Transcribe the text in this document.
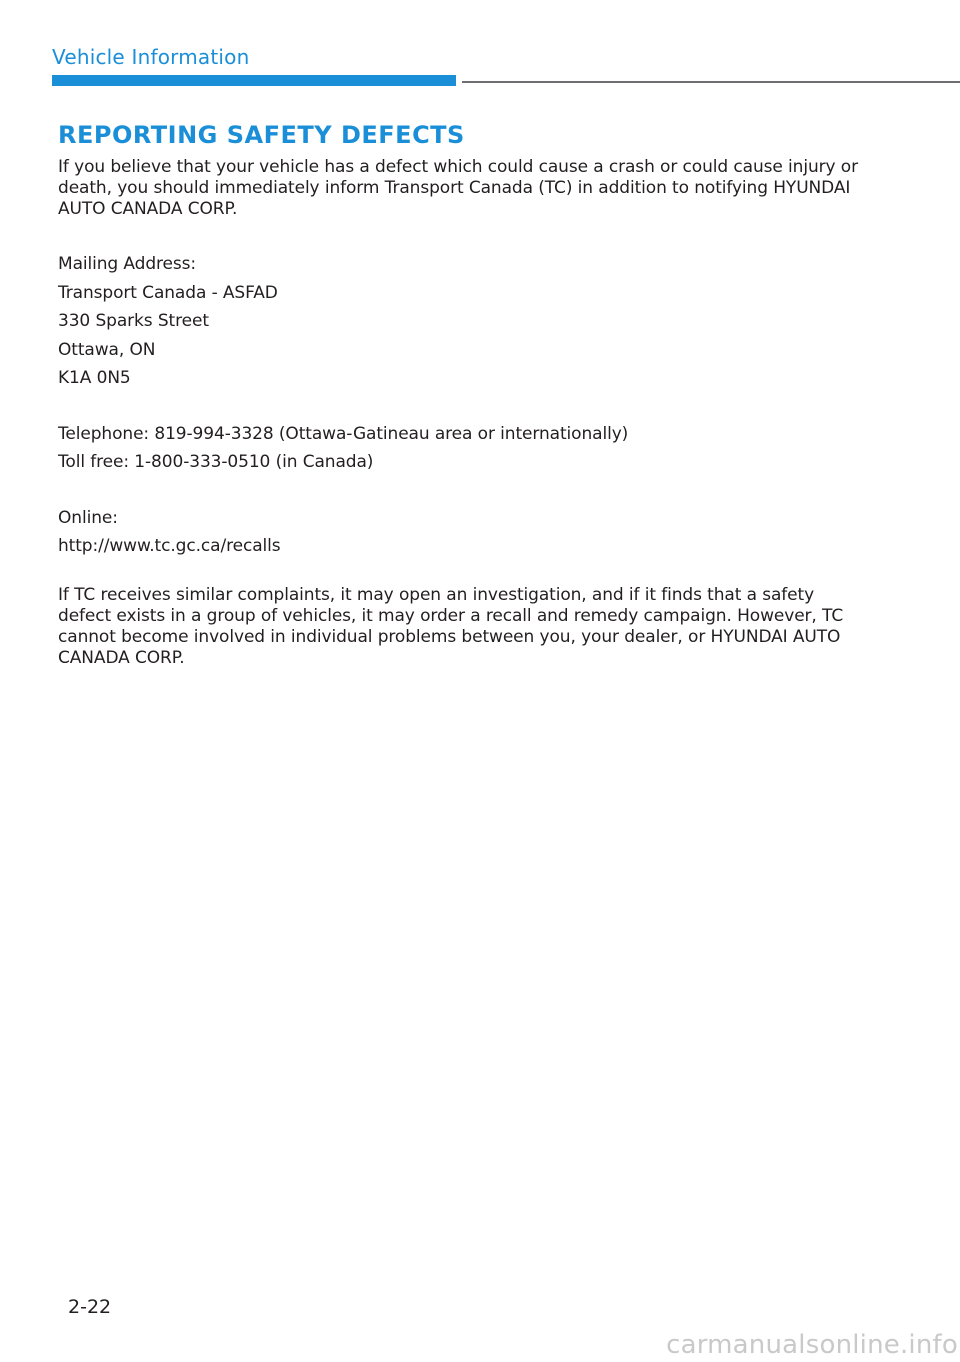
Vehicle Information
REPORTING SAFETY DEFECTS

If you believe that your vehicle has a defect which could cause a crash or could cause injury or death, you should immediately inform Transport Canada (TC) in addition to notifying HYUNDAI AUTO CANADA CORP.

Mailing Address:
Transport Canada - ASFAD
330 Sparks Street
Ottawa, ON
K1A 0N5
Telephone: 819-994-3328 (Ottawa-Gatineau area or internationally)
Toll free: 1-800-333-0510 (in Canada)
Online:
http://www.tc.gc.ca/recalls

If TC receives similar complaints, it may open an investigation, and if it finds that a safety defect exists in a group of vehicles, it may order a recall and remedy campaign. However, TC cannot become involved in individual problems between you, your dealer, or HYUNDAI AUTO CANADA CORP.

2-22
carmanualsonline.info
